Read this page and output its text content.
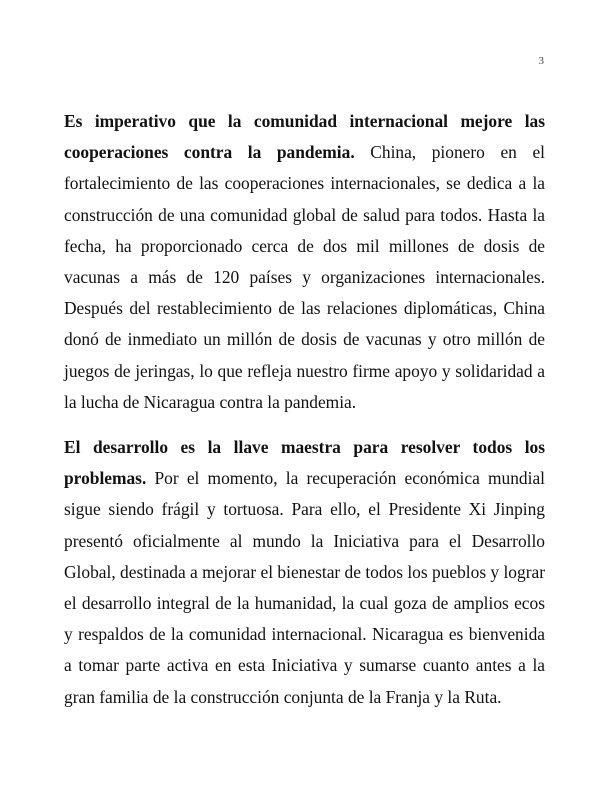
3

Es imperativo que la comunidad internacional mejore las cooperaciones contra la pandemia. China, pionero en el fortalecimiento de las cooperaciones internacionales, se dedica a la construcción de una comunidad global de salud para todos. Hasta la fecha, ha proporcionado cerca de dos mil millones de dosis de vacunas a más de 120 países y organizaciones internacionales. Después del restablecimiento de las relaciones diplomáticas, China donó de inmediato un millón de dosis de vacunas y otro millón de juegos de jeringas, lo que refleja nuestro firme apoyo y solidaridad a la lucha de Nicaragua contra la pandemia.

El desarrollo es la llave maestra para resolver todos los problemas. Por el momento, la recuperación económica mundial sigue siendo frágil y tortuosa. Para ello, el Presidente Xi Jinping presentó oficialmente al mundo la Iniciativa para el Desarrollo Global, destinada a mejorar el bienestar de todos los pueblos y lograr el desarrollo integral de la humanidad, la cual goza de amplios ecos y respaldos de la comunidad internacional. Nicaragua es bienvenida a tomar parte activa en esta Iniciativa y sumarse cuanto antes a la gran familia de la construcción conjunta de la Franja y la Ruta.
